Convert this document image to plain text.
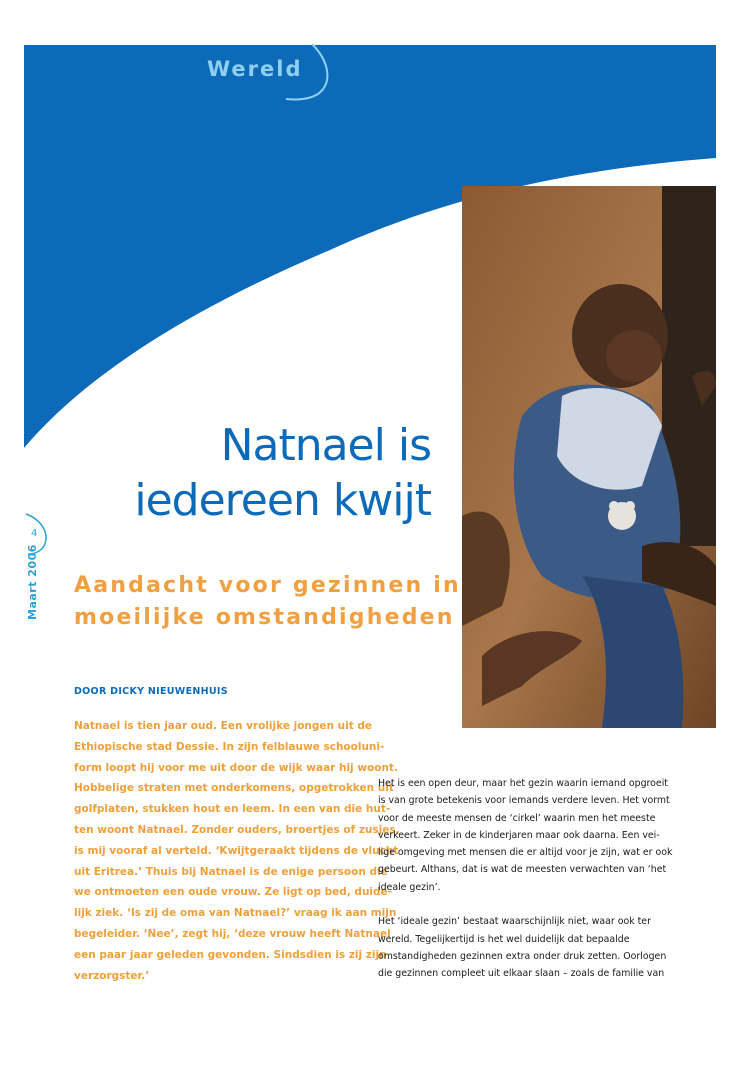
Wereld
Natnael is
iedereen kwijt
4
Maart 2006 Aandacht voor gezinnen in
moeilijke omstandigheden
DOOR DICKY NIEUWENHUIS
Natnael is tien jaar oud. Een vrolijke jongen uit de
Ethiopische stad Dessie. In zijn felblauwe schooluni-
form loopt hij voor me uit door de wijk waar hij woont.
Hobbelige straten met onderkomens, opgetrokken uit
golfplaten, stukken hout en leem. In een van die hut-
ten woont Natnael. Zonder ouders, broertjes of zusjes,
is mij vooraf al verteld. ‘Kwijtgeraakt tijdens de vlucht
uit Eritrea.’ Thuis bij Natnael is de enige persoon die
we ontmoeten een oude vrouw. Ze ligt op bed, duide-
lijk ziek. ‘Is zij de oma van Natnael?’ vraag ik aan mijn
begeleider. ‘Nee’, zegt hij, ‘deze vrouw heeft Natnael
een paar jaar geleden gevonden. Sindsdien is zij zijn
verzorgster.’
Het is een open deur, maar het gezin waarin iemand opgroeit
is van grote betekenis voor iemands verdere leven. Het vormt
voor de meeste mensen de ‘cirkel’ waarin men het meeste
verkeert. Zeker in de kinderjaren maar ook daarna. Een vei-
lige omgeving met mensen die er altijd voor je zijn, wat er ook
gebeurt. Althans, dat is wat de meesten verwachten van ‘het
ideale gezin’.
Het ‘ideale gezin’ bestaat waarschijnlijk niet, waar ook ter
wereld. Tegelijkertijd is het wel duidelijk dat bepaalde
omstandigheden gezinnen extra onder druk zetten. Oorlogen
die gezinnen compleet uit elkaar slaan – zoals de familie van
